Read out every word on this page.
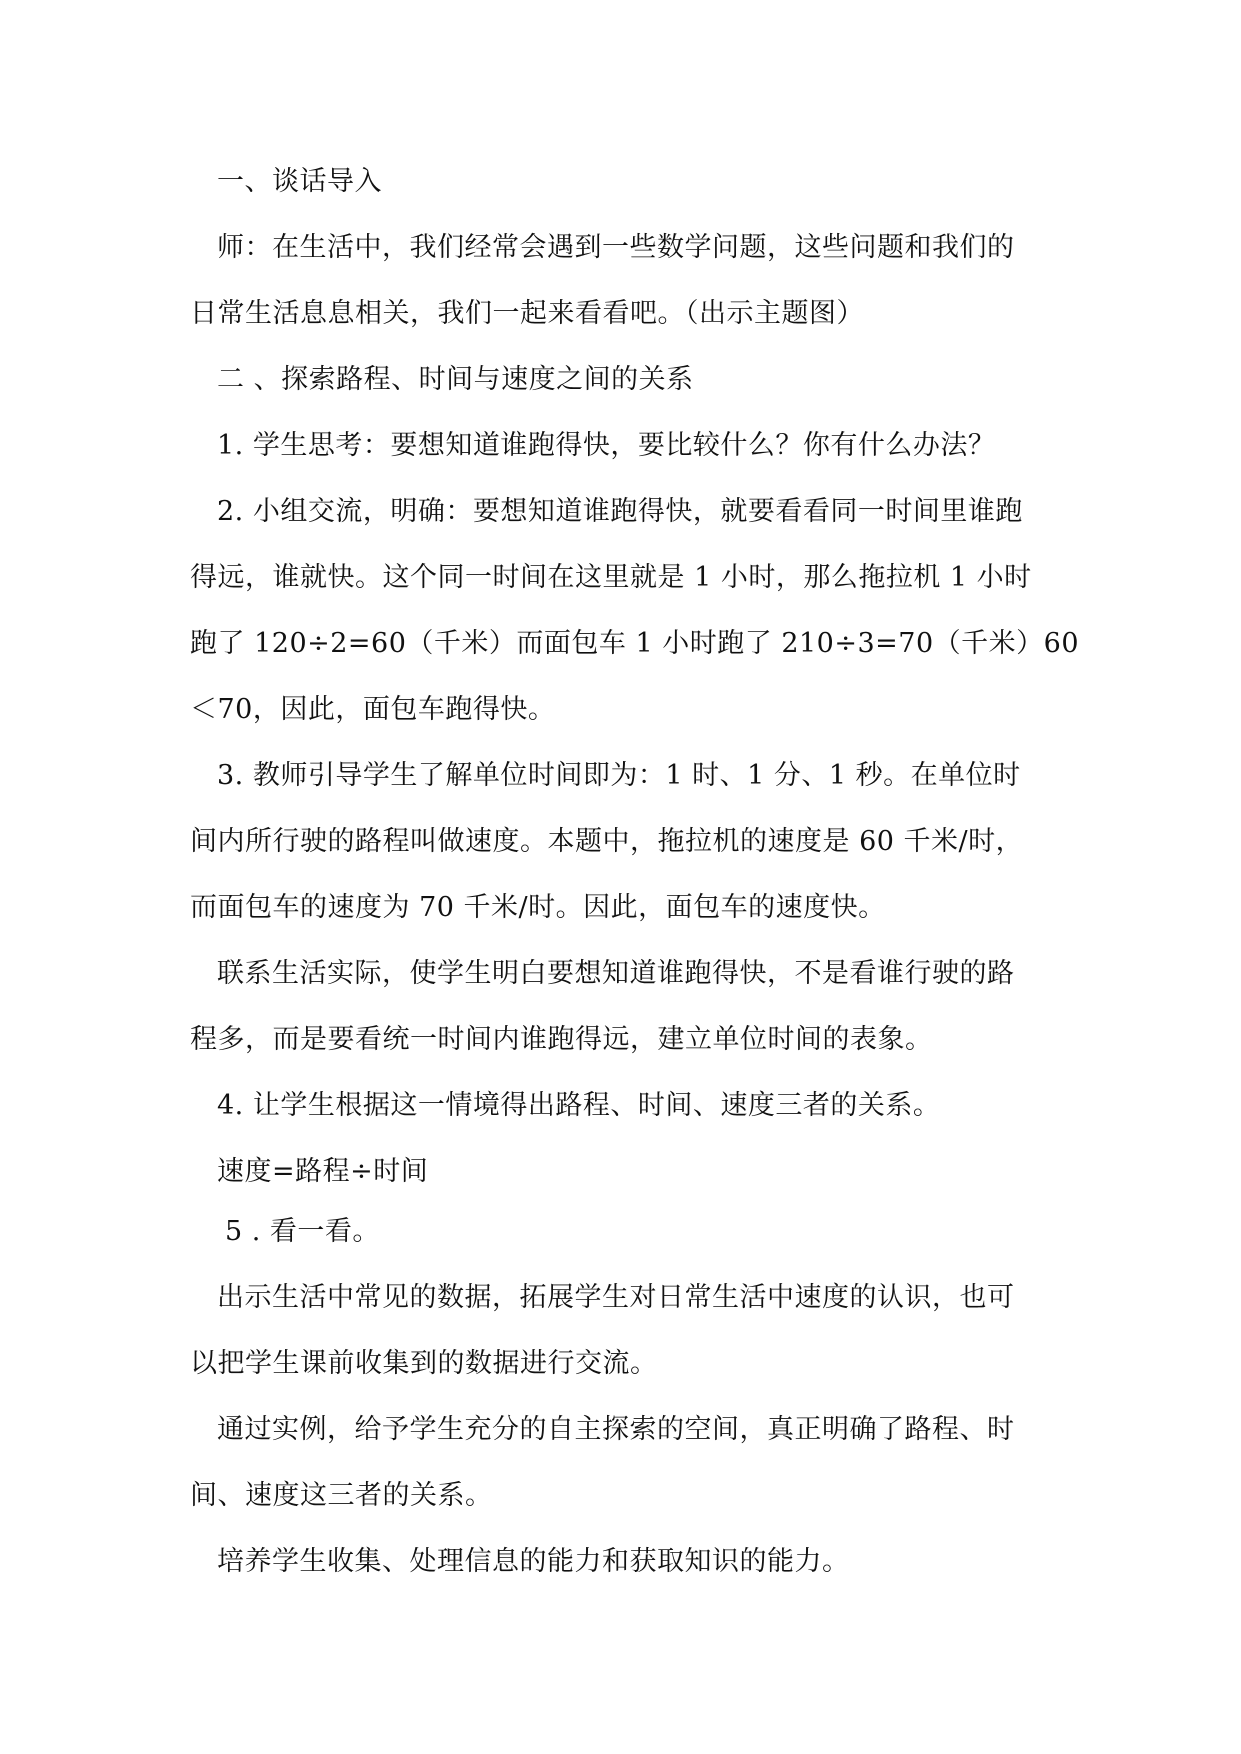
一、谈话导入
师：在生活中，我们经常会遇到一些数学问题，这些问题和我们的
日常生活息息相关，我们一起来看看吧。（出示主题图）
二 、探索路程、时间与速度之间的关系
1. 学生思考：要想知道谁跑得快，要比较什么？你有什么办法？
2. 小组交流，明确：要想知道谁跑得快，就要看看同一时间里谁跑
得远，谁就快。这个同一时间在这里就是 1 小时，那么拖拉机 1 小时
跑了 120÷2=60（千米）而面包车 1 小时跑了 210÷3=70（千米）60
＜70，因此，面包车跑得快。
3. 教师引导学生了解单位时间即为：1 时、1 分、1 秒。在单位时
间内所行驶的路程叫做速度。本题中，拖拉机的速度是 60 千米/时，
而面包车的速度为 70 千米/时。因此，面包车的速度快。
联系生活实际，使学生明白要想知道谁跑得快，不是看谁行驶的路
程多，而是要看统一时间内谁跑得远，建立单位时间的表象。
4. 让学生根据这一情境得出路程、时间、速度三者的关系。
速度=路程÷时间
5 . 看一看。
出示生活中常见的数据，拓展学生对日常生活中速度的认识，也可
以把学生课前收集到的数据进行交流。
通过实例，给予学生充分的自主探索的空间，真正明确了路程、时
间、速度这三者的关系。
培养学生收集、处理信息的能力和获取知识的能力。
